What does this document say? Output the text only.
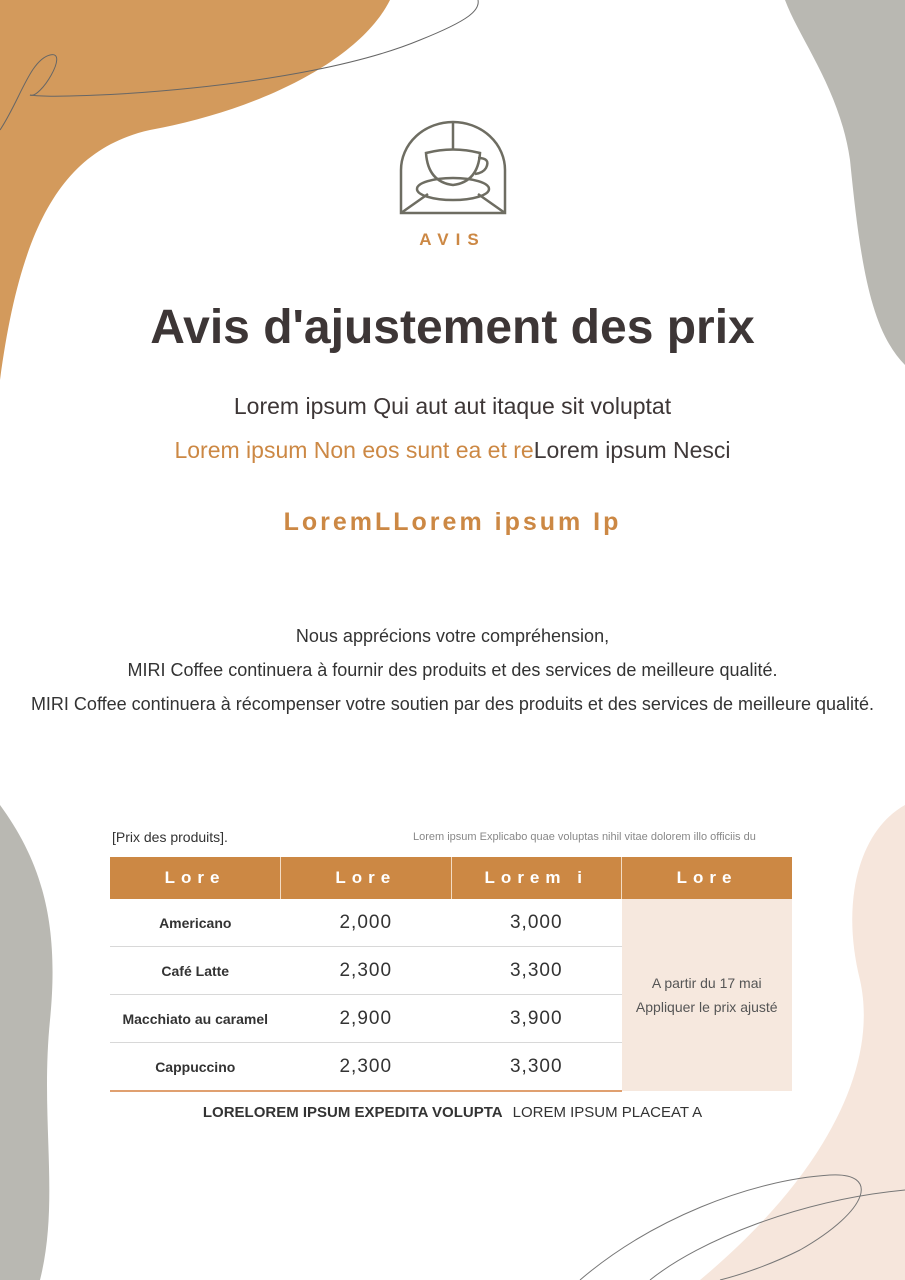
AVIS
Avis d'ajustement des prix
Lorem ipsum Qui aut aut itaque sit voluptat
Lorem ipsum Non eos sunt ea et reLorem ipsum Nesci
LoremLLorem ipsum Ip
Nous apprécions votre compréhension,
MIRI Coffee continuera à fournir des produits et des services de meilleure qualité.
MIRI Coffee continuera à récompenser votre soutien par des produits et des services de meilleure qualité.
[Prix des produits].	Lorem ipsum Explicabo quae voluptas nihil vitae dolorem illo officiis du
Lore	Lore	Lorem i	Lore
Americano	2,000	3,000	A partir du 17 mai
Appliquer le prix ajusté
Café Latte	2,300	3,300	
Macchiato au caramel	2,900	3,900	
Cappuccino	2,300	3,300	
LORELOREM IPSUM EXPEDITA VOLUPTA LOREM IPSUM PLACEAT A
